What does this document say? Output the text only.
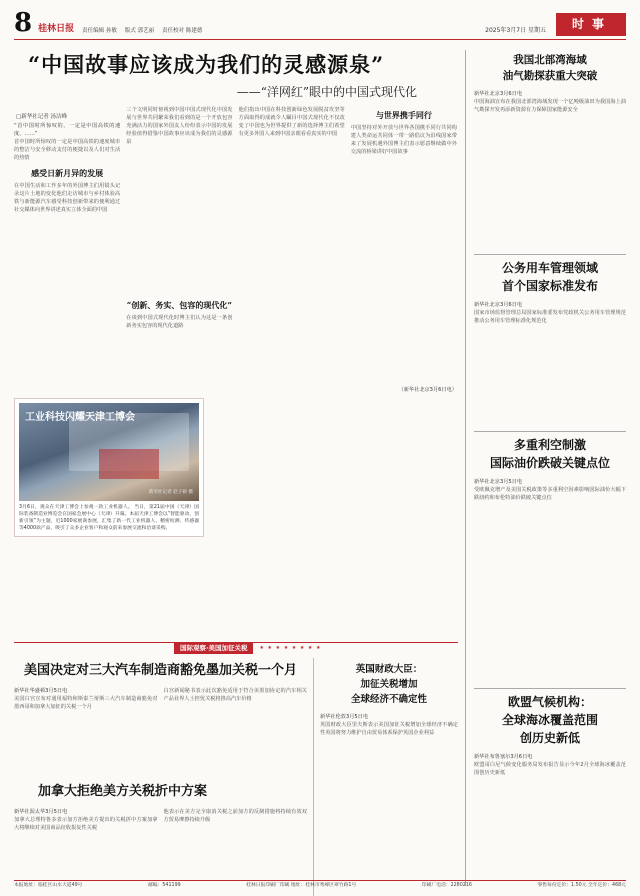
8 桂林日报 责任编辑 孙敏 版式 郭艺丽 责任校对 陈建德	2025年3月7日 星期五
时事
“中国故事应该成为我们的灵感源泉”
——“洋网红”眼中的中国式现代化
□新华社记者 汤洁峰

“首中国时所惊叹的，一定是中国高铁的速度，……”

首中国时所惊叹的一定是中国高铁的速度城市的整洁与安全移动支付的便捷以及人们对生活的热情
感受日新月异的发展
在中国生活和工作多年的外国博主们用镜头记录这片土地的变化他们走访城市与乡村体验高铁与新能源汽车感受科技创新带来的便利通过社交媒体向世界讲述真实立体全面的中国
三个文明同时傍视到中国中国式现代化中国发展与世界共同繁荣我们看到的是一个开放包容充满活力的国家外国友人纷纷表示中国的发展经验值得借鉴中国故事应该成为我们的灵感源泉
“创新、务实、包容的现代化”
在谈到中国式现代化时博主们认为这是一条创新务实包容的现代化道路
他们指出中国在科技创新绿色发展脱贫攻坚等方面取得的成就令人瞩目中国式现代化不仅改变了中国也为世界提供了新的选择博主们希望有更多外国人来到中国亲眼看看真实的中国
与世界携手同行
中国坚持对外开放与世界各国携手同行共同构建人类命运共同体一带一路倡议为沿线国家带来了发展机遇外国博主们表示愿意继续做中外交流的桥梁讲好中国故事
（新华社北京3月6日电）
工业科技闪耀天津工博会
新华社记者 赵子硕 摄
3月6日，观众在天津工博会上参观一款工业机器人。 当日，第21届中国（天津）国际装备制造业博览会在国家会展中心（天津）开幕。本届天津工博会以“智能驱动，创新引领”为主题，近1000家展商参展，汇集了新一代工业机器人、精密检测、传感器等4000款产品，吸引了众多企业客户和观众前来参展交流和洽谈采购。
国际观察·美国加征关税	★ ★ ★ ★ ★ ★ ★ ★
美国决定对三大汽车制造商豁免墨加关税一个月
新华社华盛顿3月5日电
美国白宫宣布对通用福特和斯泰兰蒂斯三大汽车制造商豁免对墨西哥和加拿大加征的关税一个月
白宫新闻秘书表示此次豁免适用于符合美墨加协定的汽车相关产品业界人士担忧关税将推高汽车价格
加拿大拒绝美方关税折中方案
新华社渥太华3月5日电
加拿大总理特鲁多表示加方拒绝美方提出的关税折中方案加拿大将继续对美国商品征收报复性关税
他表示在美方完全取消关税之前加方的反制措施将持续有效双方贸易摩擦持续升级
英国财政大臣：
加征关税增加
全球经济不确定性
新华社伦敦3月5日电
英国财政大臣里夫斯表示美国加征关税增加全球经济不确定性英国将努力维护自由贸易体系保护英国企业利益
我国北部湾海域
油气勘探获重大突破
新华社北京3月6日电
中国海油宣布在我国北部湾海域发现一个亿吨级油田为我国海上油气勘探开发再添新资源有力保障国家能源安全
公务用车管理领域
首个国家标准发布
新华社北京3月6日电
国家市场监督管理总局国家标准委发布党政机关公务用车管理规范推动公务用车管理标准化规范化
多重利空制激
国际油价跌破关键点位
新华社北京3月5日电
受欧佩克增产及美国关税政策等多重利空因素影响国际油价大幅下跌纽约和布伦特油价跌破关键点位
欧盟气候机构：
全球海冰覆盖范围
创历史新低
新华社布鲁塞尔3月6日电
欧盟哥白尼气候变化服务局发布报告显示今年2月全球海冰覆盖范围创历史新低
本报地址：临桂区山水大道49号	邮编：541199	桂林日报印刷厂印刷 地址：桂林市秀峰区翠竹路1号	印刷厂电话：2280216	零售每份定价：1.50元 全年定价：468元
